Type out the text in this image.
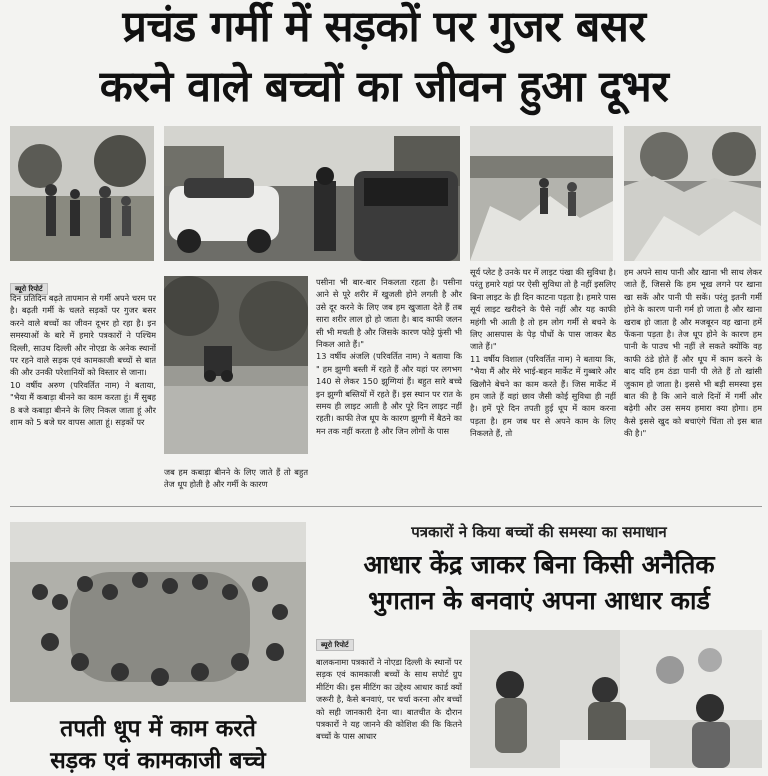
प्रचंड गर्मी में सड़कों पर गुजर बसर
करने वाले बच्चों का जीवन हुआ दूभर
ब्यूरो रिपोर्ट
दिन प्रतिदिन बढ़ते तापमान से गर्मी अपने चरम पर है। बढ़ती गर्मी के चलते सड़कों पर गुजर बसर करने वाले बच्चों का जीवन दूभर हो रहा है। इन समस्याओं के बारे में हमारे पत्रकारों ने पश्चिम दिल्ली, साउथ दिल्ली और नोएडा के अनेक स्थानों पर रहने वाले सड़क एवं कामकाजी बच्चों से बात की और उनकी परेशानियों को विस्तार से जाना।
10 वर्षीय अरुण (परिवर्तित नाम) ने बताया, "भैया मैं कबाड़ा बीनने का काम करता हूं। मैं सुबह 8 बजे कबाड़ा बीनने के लिए निकल जाता हूं और शाम को 5 बजे घर वापस आता हूं। सड़कों पर
जब हम कबाड़ा बीनने के लिए जाते हैं तो बहुत तेज धूप होती है और गर्मी के कारण
पसीना भी बार-बार निकलता रहता है। पसीना आने से पूरे शरीर में खुजली होने लगती है और उसे दूर करने के लिए जब हम खुजाता देते हैं तब सारा शरीर लाल हो हो जाता है। बाद काफी जलन सी भी मचती है और जिसके कारण फोड़े फुंसी भी निकल आते हैं।"
13 वर्षीय अंजलि (परिवर्तित नाम) ने बताया कि " हम झुग्गी बस्ती में रहते हैं और यहां पर लगभग 140 से लेकर 150 झुग्गियां हैं। बहुत सारे बच्चे इन झुग्गी बस्तियों में रहते हैं। इस स्थान पर रात के समय ही लाइट आती है और पूरे दिन लाइट नहीं रहती। काफी तेज धूप के कारण झुग्गी में बैठने का मन तक नहीं करता है और जिन लोगों के पास
सूर्य प्लेट है उनके घर में लाइट पंखा की सुविधा है। परंतु हमारे यहां पर ऐसी सुविधा तो है नहीं इसलिए बिना लाइट के ही दिन काटना पड़ता है। हमारे पास सूर्य लाइट खरीदने के पैसे नहीं और यह काफी महंगी भी आती है तो हम लोग गर्मी से बचने के लिए आसपास के पेड़ पौधों के पास जाकर बैठ जाते हैं।"
11 वर्षीय विशाल (परिवर्तित नाम) ने बताया कि, "भैया मैं और मेरे भाई-बहन मार्केट में गुब्बारे और खिलौने बेचने का काम करते हैं। जिस मार्केट में हम जाते हैं वहां छाव जैसी कोई सुविधा ही नहीं है। हमें पूरे दिन तपती हुई धूप में काम करना पड़ता है। हम जब घर से अपने काम के लिए निकलते हैं, तो
हम अपने साथ पानी और खाना भी साथ लेकर जाते हैं, जिससे कि हम भूख लगने पर खाना खा सकें और पानी पी सकें। परंतु इतनी गर्मी होने के कारण पानी गर्म हो जाता है और खाना खराब हो जाता है और मजबूरन वह खाना हमें फेंकना पड़ता है। तेज धूप होने के कारण हम पानी के पाउच भी नहीं ले सकते क्योंकि वह काफी ठंडे होते हैं और धूप में काम करने के बाद यदि हम ठंडा पानी पी लेते हैं तो खांसी जुकाम हो जाता है। इससे भी बड़ी समस्या इस बात की है कि आने वाले दिनों में गर्मी और बढ़ेगी और उस समय हमारा क्या होगा। हम कैसे इससे खुद को बचाएंगे चिंता तो इस बात की है।"
तपती धूप में काम करते
सड़क एवं कामकाजी बच्चे
पत्रकारों ने किया बच्चों की समस्या का समाधान
आधार केंद्र जाकर बिना किसी अनैतिक
भुगतान के बनवाएं अपना आधार कार्ड
ब्यूरो रिपोर्ट
बालकनामा पत्रकारों ने नोएडा दिल्ली के स्थानों पर सड़क एवं कामकाजी बच्चों के साथ सपोर्ट ग्रुप मीटिंग की। इस मीटिंग का उद्देश्य आधार कार्ड क्यों जरूरी है, कैसे बनवाएं, पर चर्चा करना और बच्चों को सही जानकारी देना था। बातचीत के दौरान पत्रकारों ने यह जानने की कोशिश की कि कितने बच्चों के पास आधार
